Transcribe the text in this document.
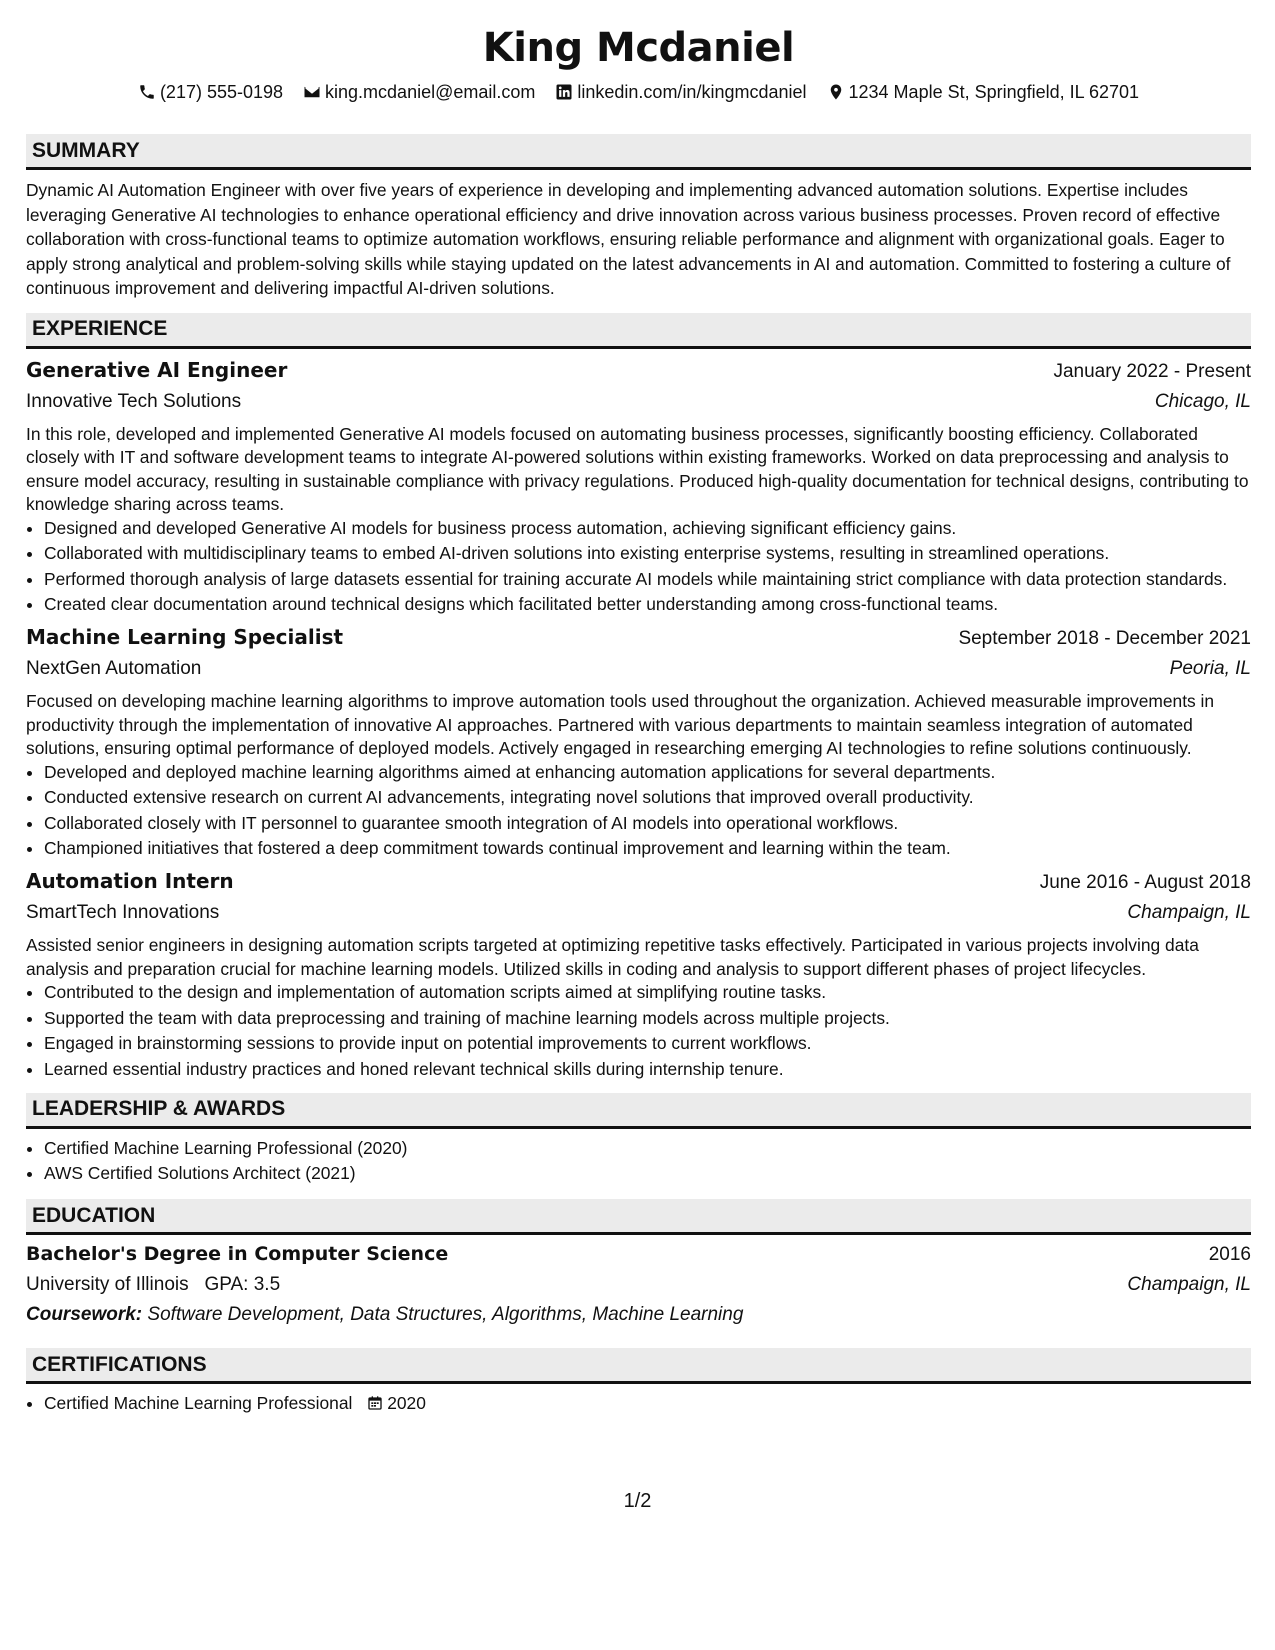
King Mcdaniel
(217) 555-0198 king.mcdaniel@email.com linkedin.com/in/kingmcdaniel 1234 Maple St, Springfield, IL 62701
SUMMARY

Dynamic AI Automation Engineer with over five years of experience in developing and implementing advanced automation solutions. Expertise includes leveraging Generative AI technologies to enhance operational efficiency and drive innovation across various business processes. Proven record of effective collaboration with cross-functional teams to optimize automation workflows, ensuring reliable performance and alignment with organizational goals. Eager to apply strong analytical and problem-solving skills while staying updated on the latest advancements in AI and automation. Committed to fostering a culture of continuous improvement and delivering impactful AI-driven solutions.

EXPERIENCE
Generative AI Engineer	January 2022 - Present
Innovative Tech Solutions	Chicago, IL

In this role, developed and implemented Generative AI models focused on automating business processes, significantly boosting efficiency. Collaborated closely with IT and software development teams to integrate AI-powered solutions within existing frameworks. Worked on data preprocessing and analysis to ensure model accuracy, resulting in sustainable compliance with privacy regulations. Produced high-quality documentation for technical designs, contributing to knowledge sharing across teams.

• Designed and developed Generative AI models for business process automation, achieving significant efficiency gains.
• Collaborated with multidisciplinary teams to embed AI-driven solutions into existing enterprise systems, resulting in streamlined operations.
• Performed thorough analysis of large datasets essential for training accurate AI models while maintaining strict compliance with data protection standards.
• Created clear documentation around technical designs which facilitated better understanding among cross-functional teams.
Machine Learning Specialist	September 2018 - December 2021
NextGen Automation	Peoria, IL

Focused on developing machine learning algorithms to improve automation tools used throughout the organization. Achieved measurable improvements in productivity through the implementation of innovative AI approaches. Partnered with various departments to maintain seamless integration of automated solutions, ensuring optimal performance of deployed models. Actively engaged in researching emerging AI technologies to refine solutions continuously.

• Developed and deployed machine learning algorithms aimed at enhancing automation applications for several departments.
• Conducted extensive research on current AI advancements, integrating novel solutions that improved overall productivity.
• Collaborated closely with IT personnel to guarantee smooth integration of AI models into operational workflows.
• Championed initiatives that fostered a deep commitment towards continual improvement and learning within the team.
Automation Intern	June 2016 - August 2018
SmartTech Innovations	Champaign, IL

Assisted senior engineers in designing automation scripts targeted at optimizing repetitive tasks effectively. Participated in various projects involving data analysis and preparation crucial for machine learning models. Utilized skills in coding and analysis to support different phases of project lifecycles.

• Contributed to the design and implementation of automation scripts aimed at simplifying routine tasks.
• Supported the team with data preprocessing and training of machine learning models across multiple projects.
• Engaged in brainstorming sessions to provide input on potential improvements to current workflows.
• Learned essential industry practices and honed relevant technical skills during internship tenure.
LEADERSHIP & AWARDS
• Certified Machine Learning Professional (2020)
• AWS Certified Solutions Architect (2021)
EDUCATION
Bachelor's Degree in Computer Science	2016
University of Illinois GPA: 3.5	Champaign, IL
Coursework: Software Development, Data Structures, Algorithms, Machine Learning
CERTIFICATIONS
• Certified Machine Learning Professional 2020
1/2
